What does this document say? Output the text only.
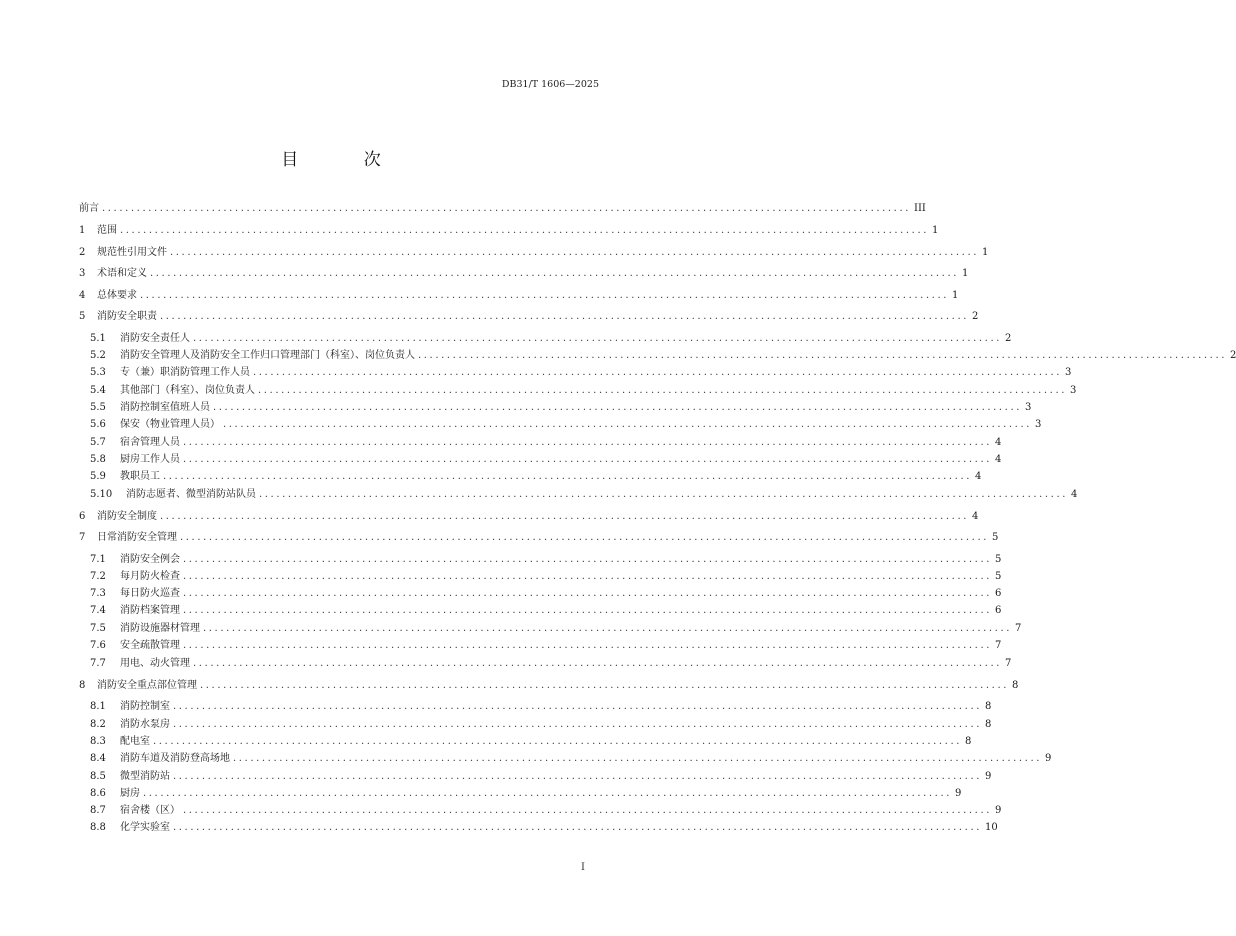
DB31/T 1606—2025
目 次
前言 ............................................................................................................................................ III
1	范围 ............................................................................................................................................ 1
2	规范性引用文件 ............................................................................................................................................ 1
3	术语和定义 ............................................................................................................................................ 1
4	总体要求 ............................................................................................................................................ 1
5	消防安全职责 ............................................................................................................................................ 2
5.1	消防安全责任人 ............................................................................................................................................ 2
5.2	消防安全管理人及消防安全工作归口管理部门（科室）、岗位负责人 ............................................................................................................................................ 2
5.3	专（兼）职消防管理工作人员 ............................................................................................................................................ 3
5.4	其他部门（科室）、岗位负责人 ............................................................................................................................................ 3
5.5	消防控制室值班人员 ............................................................................................................................................ 3
5.6	保安（物业管理人员） ............................................................................................................................................ 3
5.7	宿舍管理人员 ............................................................................................................................................ 4
5.8	厨房工作人员 ............................................................................................................................................ 4
5.9	教职员工 ............................................................................................................................................ 4
5.10	消防志愿者、微型消防站队员 ............................................................................................................................................ 4
6	消防安全制度 ............................................................................................................................................ 4
7	日常消防安全管理 ............................................................................................................................................ 5
7.1	消防安全例会 ............................................................................................................................................ 5
7.2	每月防火检查 ............................................................................................................................................ 5
7.3	每日防火巡查 ............................................................................................................................................ 6
7.4	消防档案管理 ............................................................................................................................................ 6
7.5	消防设施器材管理 ............................................................................................................................................ 7
7.6	安全疏散管理 ............................................................................................................................................ 7
7.7	用电、动火管理 ............................................................................................................................................ 7
8	消防安全重点部位管理 ............................................................................................................................................ 8
8.1	消防控制室 ............................................................................................................................................ 8
8.2	消防水泵房 ............................................................................................................................................ 8
8.3	配电室 ............................................................................................................................................ 8
8.4	消防车道及消防登高场地 ............................................................................................................................................ 9
8.5	微型消防站 ............................................................................................................................................ 9
8.6	厨房 ............................................................................................................................................ 9
8.7	宿舍楼（区） ............................................................................................................................................ 9
8.8	化学实验室 ............................................................................................................................................ 10
I
